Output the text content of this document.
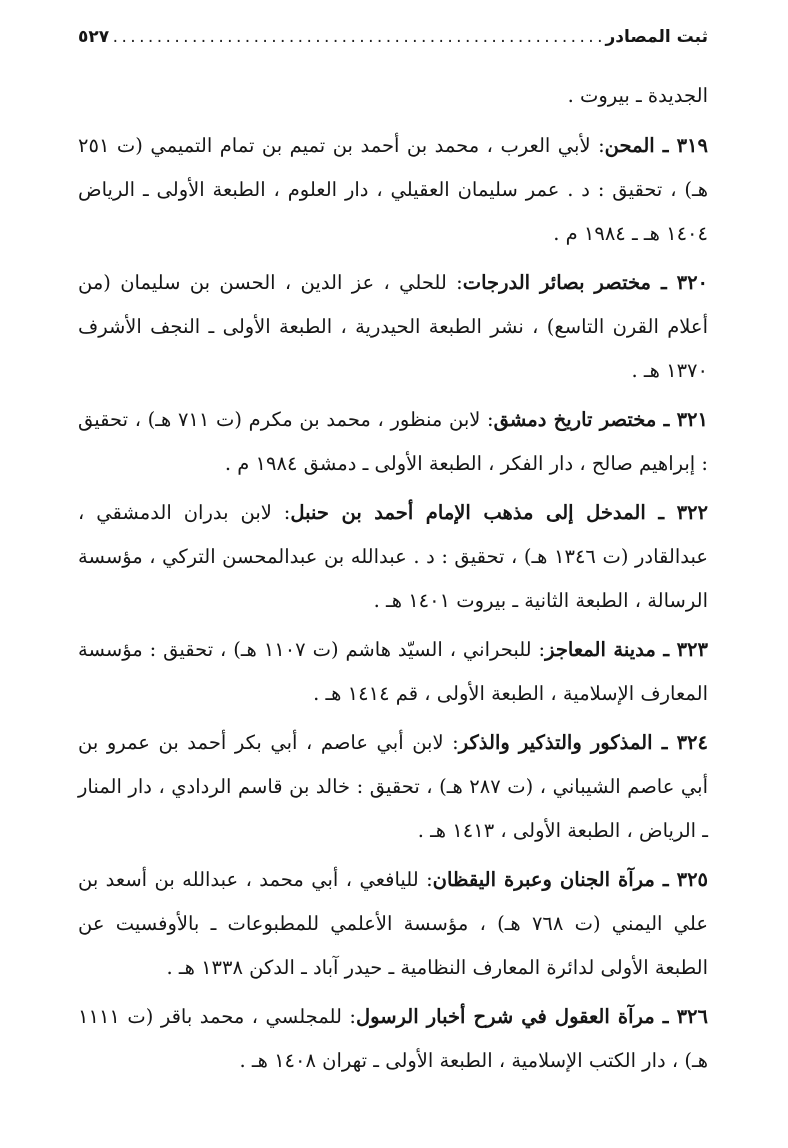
ثبت المصادر
. . .
٥٢٧

الجديدة ـ بيروت .

٣١٩ ـ المحن: لأبي العرب ، محمد بن أحمد بن تميم بن تمام التميمي (ت ٢٥١ هـ) ، تحقيق : د . عمر سليمان العقيلي ، دار العلوم ، الطبعة الأولى ـ الرياض ١٤٠٤ هـ ـ ١٩٨٤ م .

٣٢٠ ـ مختصر بصائر الدرجات: للحلي ، عز الدين ، الحسن بن سليمان (من أعلام القرن التاسع) ، نشر الطبعة الحيدرية ، الطبعة الأولى ـ النجف الأشرف ١٣٧٠ هـ .

٣٢١ ـ مختصر تاريخ دمشق: لابن منظور ، محمد بن مكرم (ت ٧١١ هـ) ، تحقيق : إبراهيم صالح ، دار الفكر ، الطبعة الأولى ـ دمشق ١٩٨٤ م .

٣٢٢ ـ المدخل إلى مذهب الإمام أحمد بن حنبل: لابن بدران الدمشقي ، عبدالقادر (ت ١٣٤٦ هـ) ، تحقيق : د . عبدالله بن عبدالمحسن التركي ، مؤسسة الرسالة ، الطبعة الثانية ـ بيروت ١٤٠١ هـ .

٣٢٣ ـ مدينة المعاجز: للبحراني ، السيّد هاشم (ت ١١٠٧ هـ) ، تحقيق : مؤسسة المعارف الإسلامية ، الطبعة الأولى ، قم ١٤١٤ هـ .

٣٢٤ ـ المذكور والتذكير والذكر: لابن أبي عاصم ، أبي بكر أحمد بن عمرو بن أبي عاصم الشيباني ، (ت ٢٨٧ هـ) ، تحقيق : خالد بن قاسم الردادي ، دار المنار ـ الرياض ، الطبعة الأولى ، ١٤١٣ هـ .

٣٢٥ ـ مرآة الجنان وعبرة اليقظان: لليافعي ، أبي محمد ، عبدالله بن أسعد بن علي اليمني (ت ٧٦٨ هـ) ، مؤسسة الأعلمي للمطبوعات ـ بالأوفسيت عن الطبعة الأولى لدائرة المعارف النظامية ـ حيدر آباد ـ الدكن ١٣٣٨ هـ .

٣٢٦ ـ مرآة العقول في شرح أخبار الرسول: للمجلسي ، محمد باقر (ت ١١١١ هـ) ، دار الكتب الإسلامية ، الطبعة الأولى ـ تهران ١٤٠٨ هـ .
